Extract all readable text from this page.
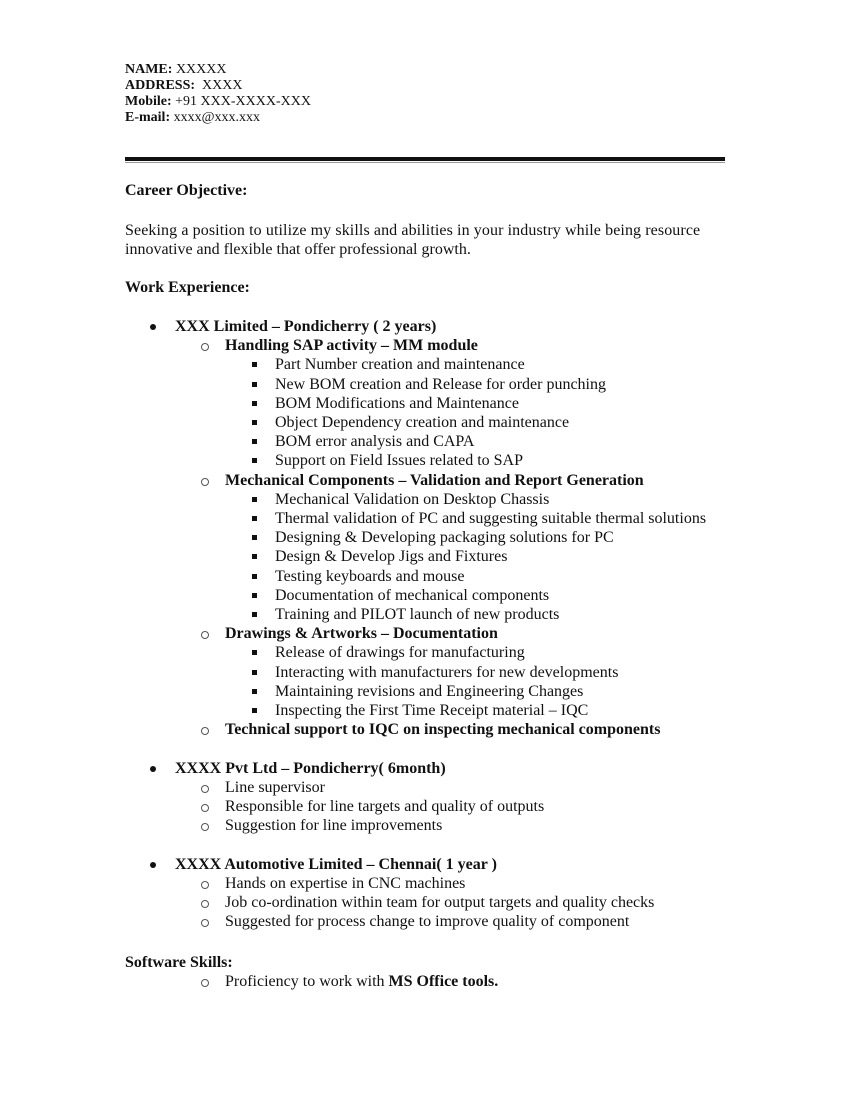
NAME: XXXXX
ADDRESS:  XXXX
Mobile: +91 XXX-XXXX-XXX
E-mail: xxxx@xxx.xxx
Career Objective:
Seeking a position to utilize my skills and abilities in your industry while being resource
innovative and flexible that offer professional growth.
Work Experience:
XXX Limited – Pondicherry ( 2 years)
Handling SAP activity – MM module
Part Number creation and maintenance
New BOM creation and Release for order punching
BOM Modifications and Maintenance
Object Dependency creation and maintenance
BOM error analysis and CAPA
Support on Field Issues related to SAP
Mechanical Components – Validation and Report Generation
Mechanical Validation on Desktop Chassis
Thermal validation of PC and suggesting suitable thermal solutions
Designing & Developing packaging solutions for PC
Design & Develop Jigs and Fixtures
Testing keyboards and mouse
Documentation of mechanical components
Training and PILOT launch of new products
Drawings & Artworks – Documentation
Release of drawings for manufacturing
Interacting with manufacturers for new developments
Maintaining revisions and Engineering Changes
Inspecting the First Time Receipt material – IQC
Technical support to IQC on inspecting mechanical components
XXXX Pvt Ltd – Pondicherry( 6month)
Line supervisor
Responsible for line targets and quality of outputs
Suggestion for line improvements
XXXX Automotive Limited – Chennai( 1 year )
Hands on expertise in CNC machines
Job co-ordination within team for output targets and quality checks
Suggested for process change to improve quality of component
Software Skills:
Proficiency to work with MS Office tools.
